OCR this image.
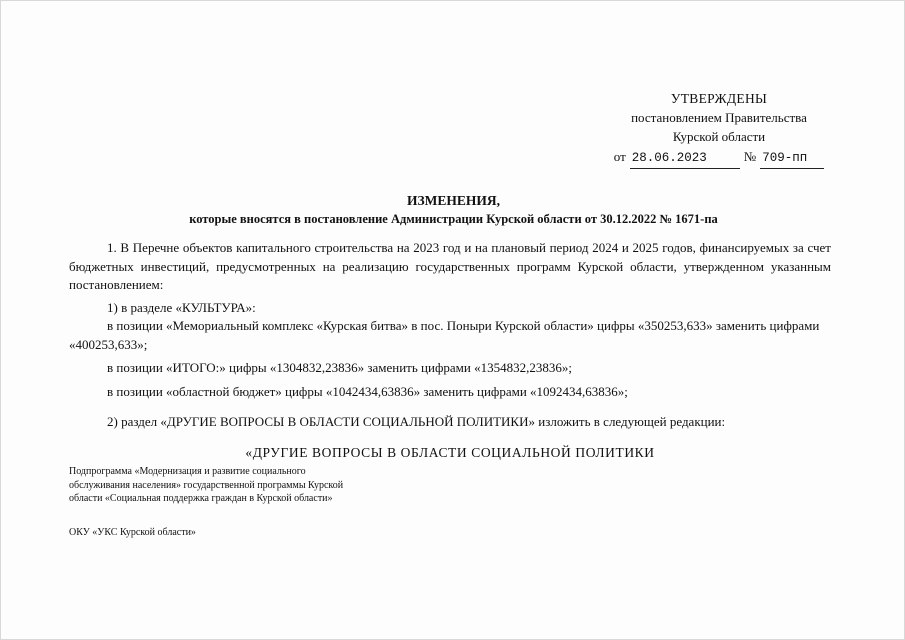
УТВЕРЖДЕНЫ
постановлением Правительства
Курской области
от 28.06.2023	№ 709-пп
ИЗМЕНЕНИЯ,
которые вносятся в постановление Администрации Курской области от 30.12.2022 № 1671-па

1. В Перечне объектов капитального строительства на 2023 год и на плановый период 2024 и 2025 годов, финансируемых за счет бюджетных инвестиций, предусмотренных на реализацию государственных программ Курской области, утвержденном указанным постановлением:

1) в разделе «КУЛЬТУРА»:

в позиции «Мемориальный комплекс «Курская битва» в пос. Поныри Курской области» цифры «350253,633» заменить цифрами «400253,633»;

в позиции «ИТОГО:» цифры «1304832,23836» заменить цифрами «1354832,23836»;

в позиции «областной бюджет» цифры «1042434,63836» заменить цифрами «1092434,63836»;

2) раздел «ДРУГИЕ ВОПРОСЫ В ОБЛАСТИ СОЦИАЛЬНОЙ ПОЛИТИКИ» изложить в следующей редакции:

«ДРУГИЕ ВОПРОСЫ В ОБЛАСТИ СОЦИАЛЬНОЙ ПОЛИТИКИ
Подпрограмма «Модернизация и развитие социального
обслуживания населения» государственной программы Курской
области «Социальная поддержка граждан в Курской области»
ОКУ «УКС Курской области»
